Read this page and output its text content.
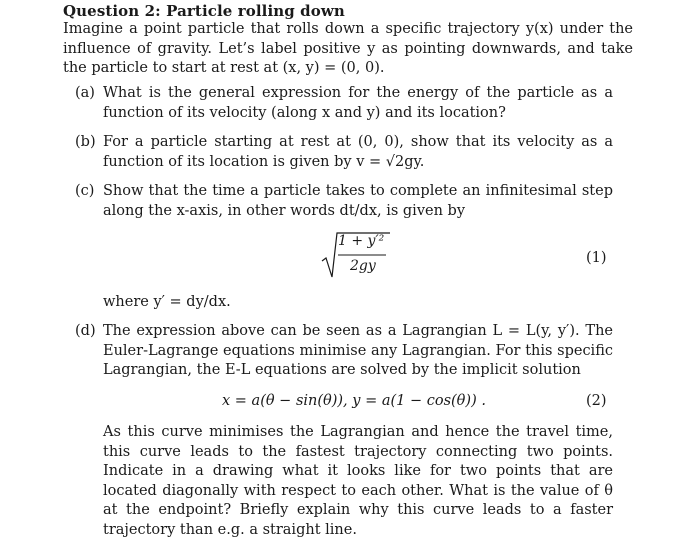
Question 2: Particle rolling down
Imagine a point particle that rolls down a specific trajectory y(x) under the influence of gravity. Let’s label positive y as pointing downwards, and take the particle to start at rest at (x, y) = (0, 0).
(a) What is the general expression for the energy of the particle as a function of its velocity (along x and y) and its location?
(b) For a particle starting at rest at (0, 0), show that its velocity as a function of its location is given by v = √2gy.
(c) Show that the time a particle takes to complete an infinitesimal step along the x-axis, in other words dt/dx, is given by
1 + y′²
2gy	(1)
where y′ = dy/dx.
(d) The expression above can be seen as a Lagrangian L = L(y, y′). The Euler-Lagrange equations minimise any Lagrangian. For this specific Lagrangian, the E-L equations are solved by the implicit solution
x = a(θ − sin(θ)), y = a(1 − cos(θ)) .	(2)
As this curve minimises the Lagrangian and hence the travel time, this curve leads to the fastest trajectory connecting two points. Indicate in a drawing what it looks like for two points that are located diagonally with respect to each other. What is the value of θ at the endpoint? Briefly explain why this curve leads to a faster trajectory than e.g. a straight line.
